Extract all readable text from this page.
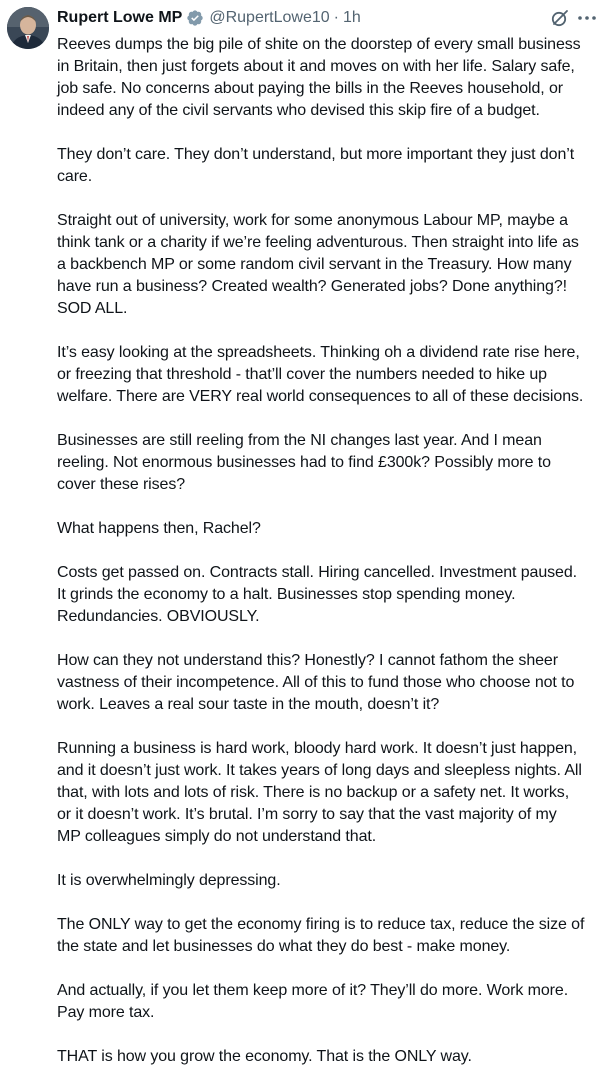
Rupert Lowe MP @RupertLowe10 · 1h
Reeves dumps the big pile of shite on the doorstep of every small business
in Britain, then just forgets about it and moves on with her life. Salary safe,
job safe. No concerns about paying the bills in the Reeves household, or
indeed any of the civil servants who devised this skip fire of a budget.
They don’t care. They don’t understand, but more important they just don’t
care.
Straight out of university, work for some anonymous Labour MP, maybe a
think tank or a charity if we’re feeling adventurous. Then straight into life as
a backbench MP or some random civil servant in the Treasury. How many
have run a business? Created wealth? Generated jobs? Done anything?!
SOD ALL.
It’s easy looking at the spreadsheets. Thinking oh a dividend rate rise here,
or freezing that threshold - that’ll cover the numbers needed to hike up
welfare. There are VERY real world consequences to all of these decisions.
Businesses are still reeling from the NI changes last year. And I mean
reeling. Not enormous businesses had to find £300k? Possibly more to
cover these rises?
What happens then, Rachel?
Costs get passed on. Contracts stall. Hiring cancelled. Investment paused.
It grinds the economy to a halt. Businesses stop spending money.
Redundancies. OBVIOUSLY.
How can they not understand this? Honestly? I cannot fathom the sheer
vastness of their incompetence. All of this to fund those who choose not to
work. Leaves a real sour taste in the mouth, doesn’t it?
Running a business is hard work, bloody hard work. It doesn’t just happen,
and it doesn’t just work. It takes years of long days and sleepless nights. All
that, with lots and lots of risk. There is no backup or a safety net. It works,
or it doesn’t work. It’s brutal. I’m sorry to say that the vast majority of my
MP colleagues simply do not understand that.
It is overwhelmingly depressing.
The ONLY way to get the economy firing is to reduce tax, reduce the size of
the state and let businesses do what they do best - make money.
And actually, if you let them keep more of it? They’ll do more. Work more.
Pay more tax.
THAT is how you grow the economy. That is the ONLY way.
